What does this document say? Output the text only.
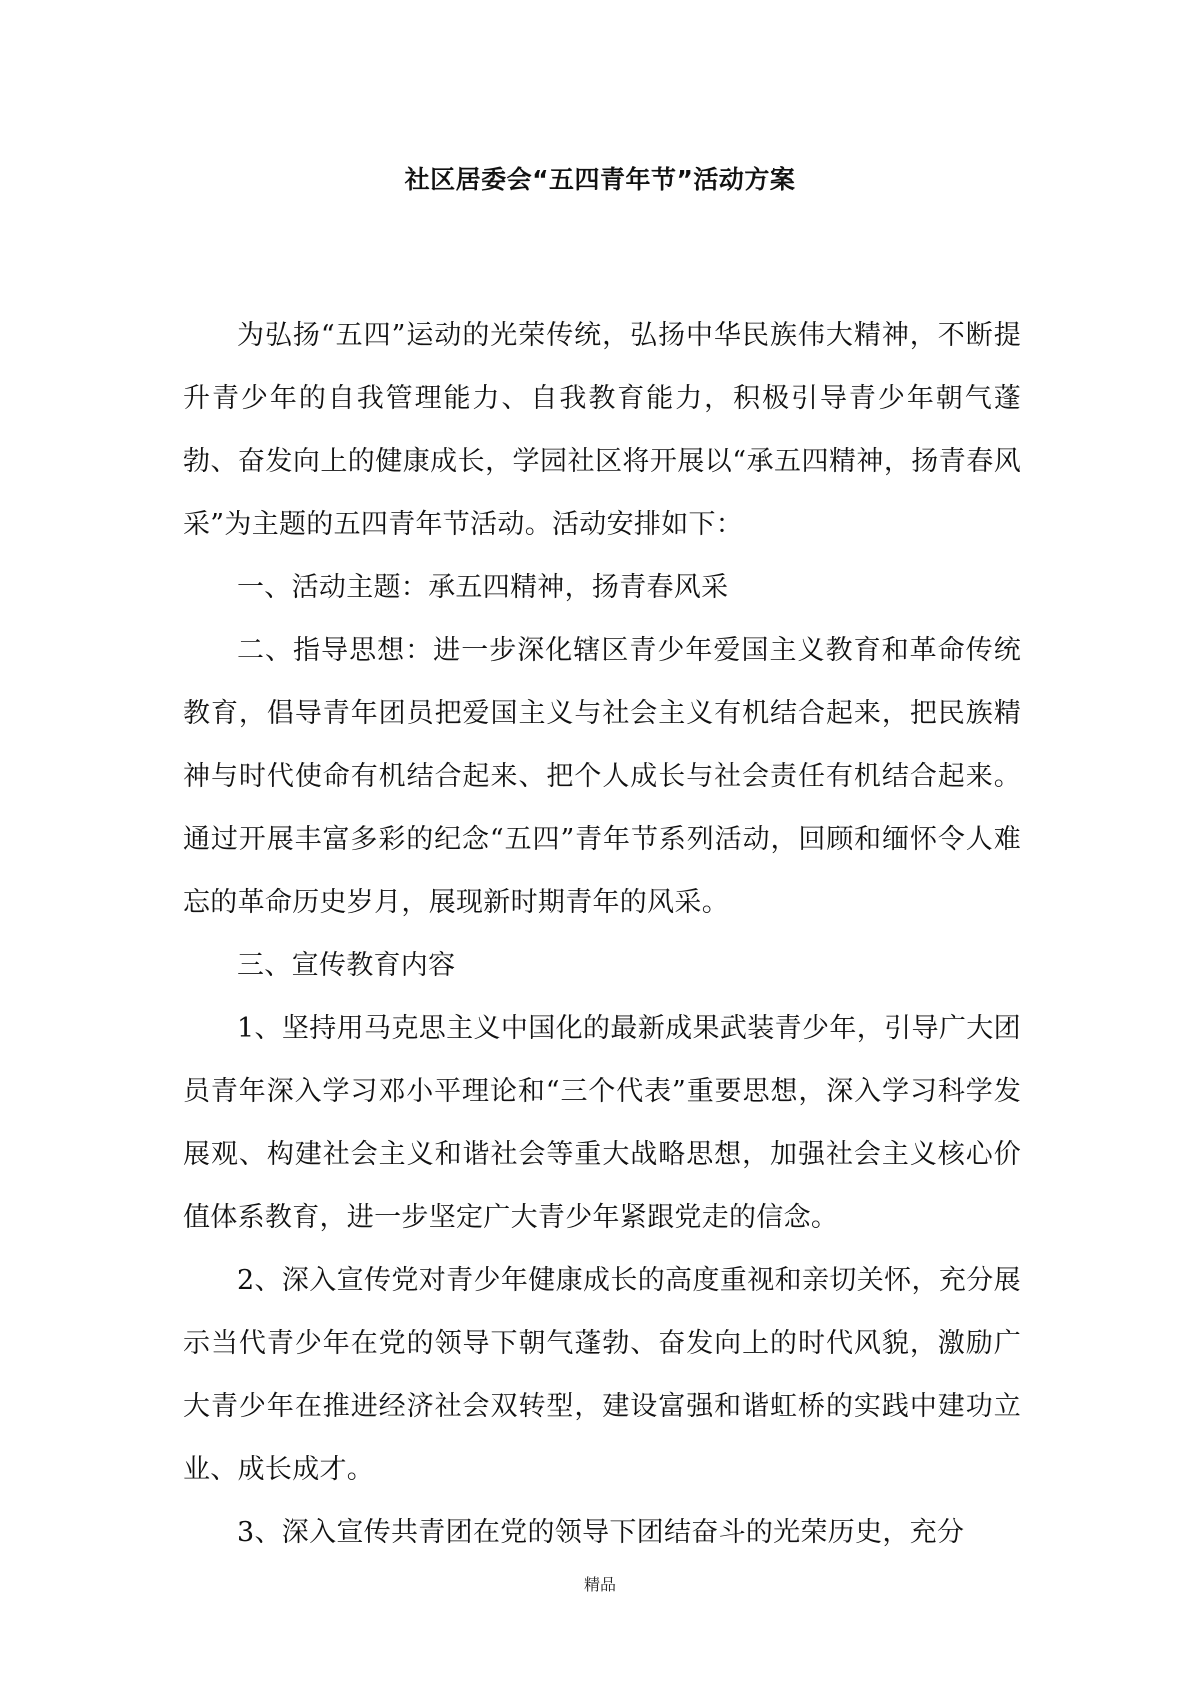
社区居委会“五四青年节”活动方案

为弘扬“五四”运动的光荣传统，弘扬中华民族伟大精神，不断提升青少年的自我管理能力、自我教育能力，积极引导青少年朝气蓬勃、奋发向上的健康成长，学园社区将开展以“承五四精神，扬青春风采”为主题的五四青年节活动。活动安排如下：

一、活动主题：承五四精神，扬青春风采

二、指导思想：进一步深化辖区青少年爱国主义教育和革命传统教育，倡导青年团员把爱国主义与社会主义有机结合起来，把民族精神与时代使命有机结合起来、把个人成长与社会责任有机结合起来。通过开展丰富多彩的纪念“五四”青年节系列活动，回顾和缅怀令人难忘的革命历史岁月，展现新时期青年的风采。

三、宣传教育内容

1、坚持用马克思主义中国化的最新成果武装青少年，引导广大团员青年深入学习邓小平理论和“三个代表”重要思想，深入学习科学发展观、构建社会主义和谐社会等重大战略思想，加强社会主义核心价值体系教育，进一步坚定广大青少年紧跟党走的信念。

2、深入宣传党对青少年健康成长的高度重视和亲切关怀，充分展示当代青少年在党的领导下朝气蓬勃、奋发向上的时代风貌，激励广大青少年在推进经济社会双转型，建设富强和谐虹桥的实践中建功立业、成长成才。

3、深入宣传共青团在党的领导下团结奋斗的光荣历史，充分

精品
